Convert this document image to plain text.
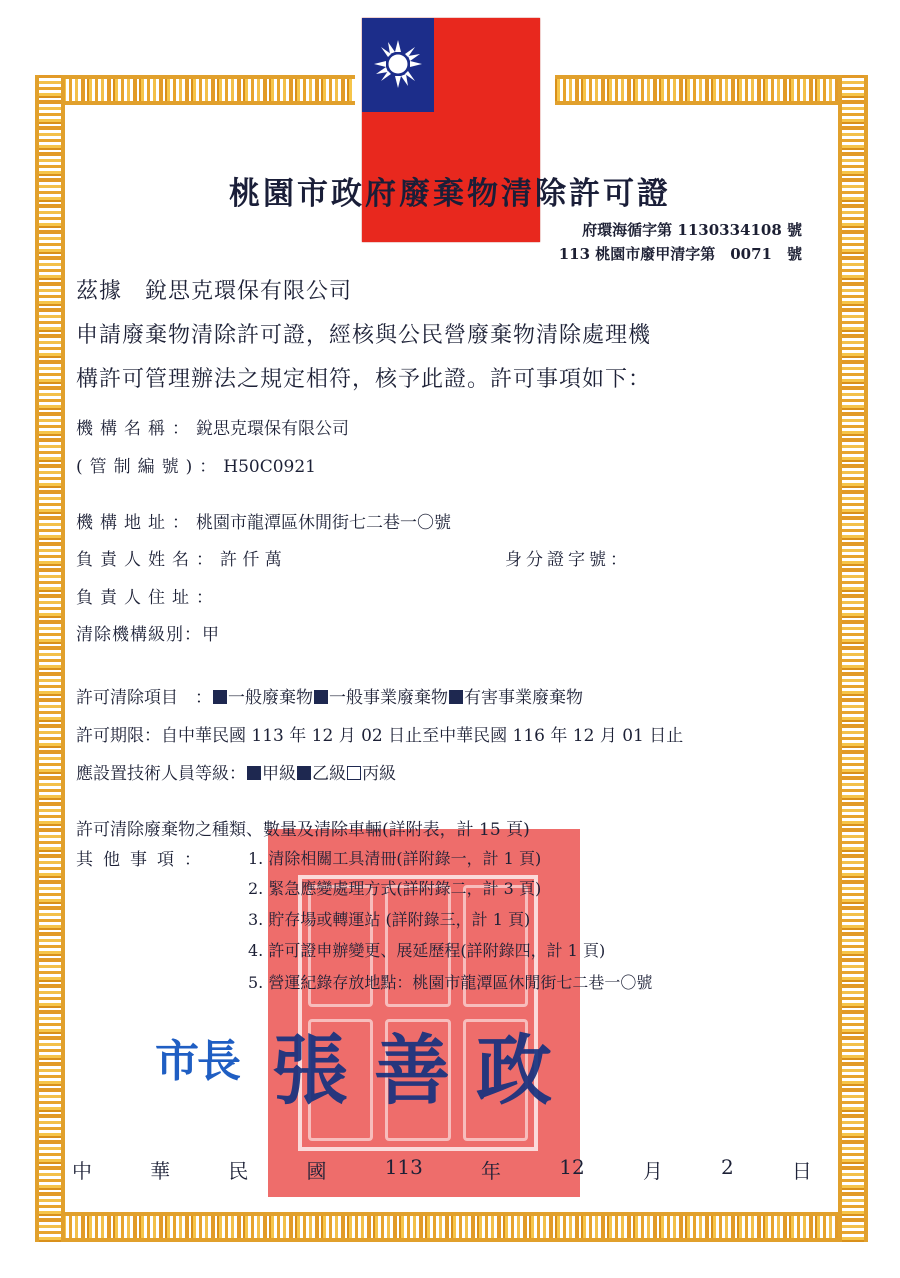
桃園市政府廢棄物清除許可證
府環海循字第 1130334108 號
113 桃園市廢甲清字第　0071　號
茲據　銳思克環保有限公司
申請廢棄物清除許可證，經核與公民營廢棄物清除處理機
構許可管理辦法之規定相符，核予此證。許可事項如下：
機構名稱：銳思克環保有限公司
(管制編號)：H50C0921
機構地址：桃園市龍潭區休閒街七二巷一〇號
負責人姓名：許 仟 萬	身分證字號：
負責人住址：
清除機構級別：甲
許可清除項目　： 一般廢棄物 一般事業廢棄物 有害事業廢棄物
許可期限：自中華民國 113 年 12 月 02 日止至中華民國 116 年 12 月 01 日止
應設置技術人員等級： 甲級 乙級 丙級
許可清除廢棄物之種類、數量及清除車輛(詳附表，計 15 頁)
其他事項： 1. 清除相關工具清冊(詳附錄一，計 1 頁)
2. 緊急應變處理方式(詳附錄二，計 3 頁)
3. 貯存場或轉運站 (詳附錄三，計 1 頁)
4. 許可證申辦變更、展延歷程(詳附錄四，計 1 頁)
5. 營運紀錄存放地點：桃園市龍潭區休閒街七二巷一〇號
市長 張善政
中	華	民	國	113	年	12	月	2	日
